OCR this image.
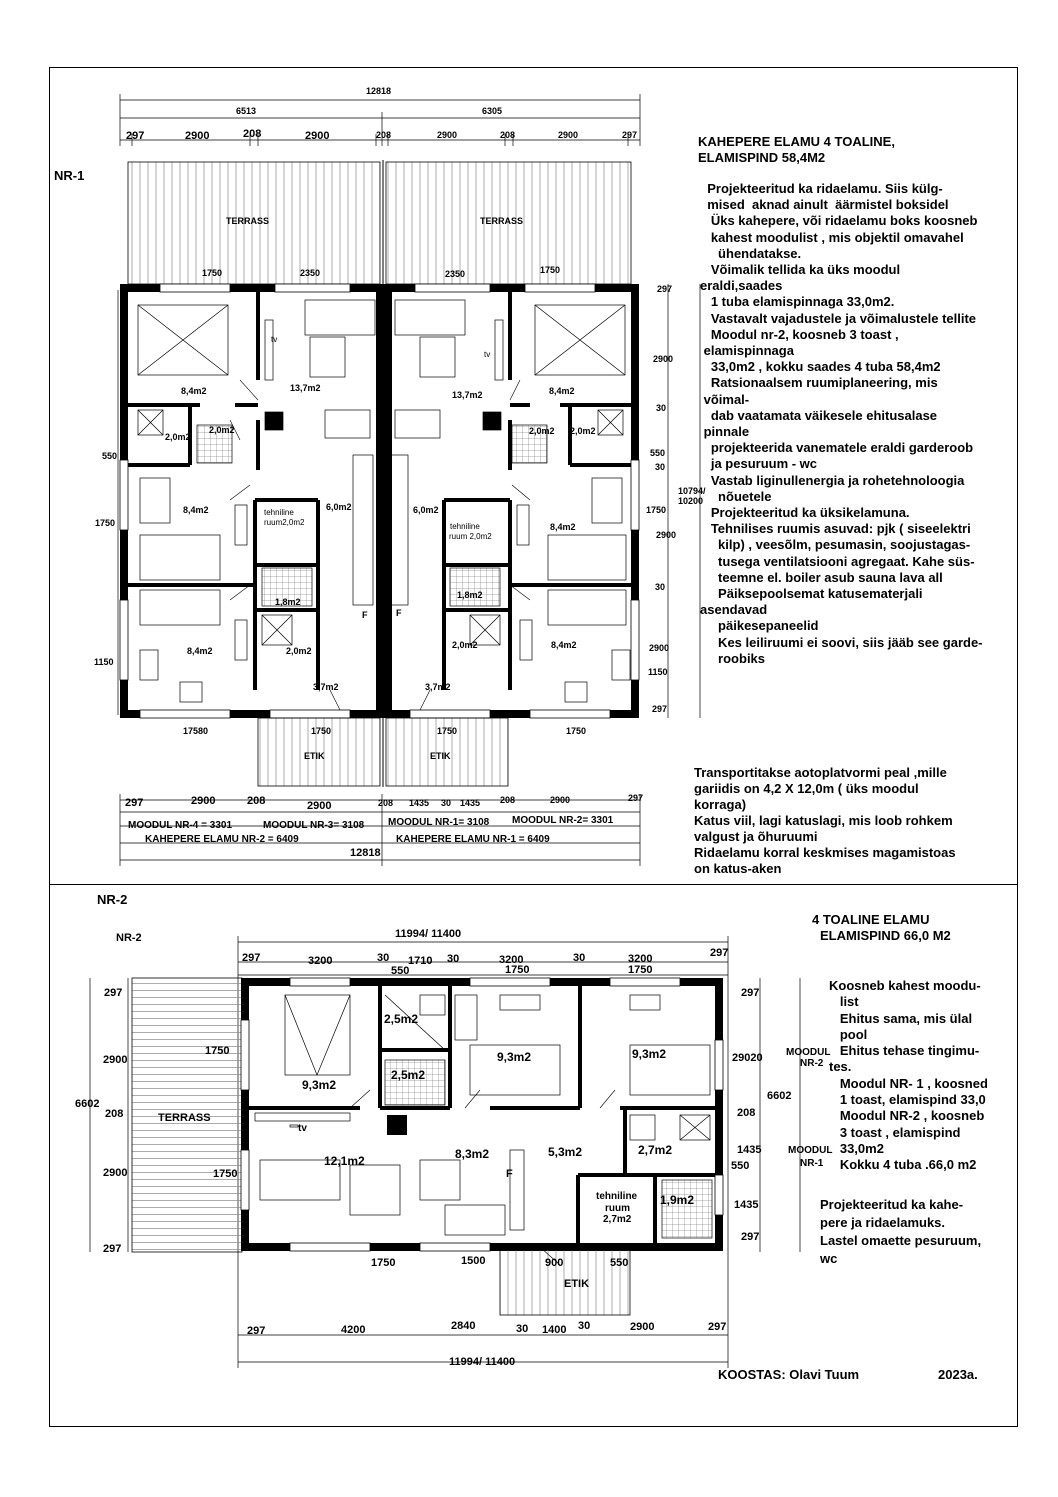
NR-1
12818
6513	6305
297	2900	208	2900	208	2900	208	2900	297
TERRASS	TERRASS
1750	2350	2350	1750
8,4m2	13,7m2
13,7m2	8,4m2
2,0m2
2,0m2	2,0m2 2,0m2
8,4m2	6,0m2	6,0m2
8,4m2
tehniline
ruum2,0m2	tehniline
ruum 2,0m2
1,8m2
1,8m2
8,4m2	2,0m2
2,0m2	8,4m2
3,7m2	3,7m2
tv
tv
F	F
ETIK	ETIK
297
2900
30
550
30
10794/
10200
1750
2900
30
2900
1150
297
550
1750
1150
17580	1750	1750	1750
297	2900	208	2900	208 1435 30 1435 208	2900	297
MOODUL NR-4 = 3301	MOODUL NR-3= 3108 MOODUL NR-1= 3108 MOODUL NR-2= 3301
KAHEPERE ELAMU NR-2 = 6409	KAHEPERE ELAMU NR-1 = 6409
12818
KAHEPERE ELAMU 4 TOALINE,
ELAMISPIND 58,4M2
Projekteeritud ka ridaelamu. Siis külg-
mised  aknad ainult  äärmistel boksidel
Üks kahepere, või ridaelamu boks koosneb
kahest moodulist , mis objektil omavahel
ühendatakse.
Võimalik tellida ka üks moodul
eraldi,saades
1 tuba elamispinnaga 33,0m2.
Vastavalt vajadustele ja võimalustele tellite
Moodul nr-2, koosneb 3 toast ,
elamispinnaga
33,0m2 , kokku saades 4 tuba 58,4m2
Ratsionaalsem ruumiplaneering, mis
võimal-
dab vaatamata väikesele ehitusalase
pinnale
projekteerida vanematele eraldi garderoob
ja pesuruum - wc
Vastab liginullenergia ja rohetehnoloogia
nõuetele
Projekteeritud ka üksikelamuna.
Tehnilises ruumis asuvad: pjk ( siseelektri
kilp) , veesõlm, pesumasin, soojustagas-
tusega ventilatsiooni agregaat. Kahe süs-
teemne el. boiler asub sauna lava all
Päiksepoolsemat katusematerjali
asendavad
päikesepaneelid
Kes leiliruumi ei soovi, siis jääb see garde-
roobiks
Transportitakse aotoplatvormi peal ,mille
gariidis on 4,2 X 12,0m ( üks moodul
korraga)
Katus viil, lagi katuslagi, mis loob rohkem
valgust ja õhuruumi
Ridaelamu korral keskmises magamistoas
on katus-aken
NR-2
NR-2
4 TOALINE ELAMU
ELAMISPIND 66,0 M2
11994/ 11400
297	3200	30 1710 30	3200	30	3200	297
550	1750	1750
297
2900
6602
208
2900
297
1750
1750
TERRASS
297
29020 MOODUL
NR-2
6602
208
1435	MOODUL
NR-1
550
1435
297
2,5m2
2,5m2
9,3m2
9,3m2	9,3m2
tv
12,1m2	8,3m2	5,3m2	2,7m2
F
tehniline
ruum
2,7m2
1,9m2
1750	1500	900	550
ETIK
297	4200	2840	30 1400 30	2900	297
11994/ 11400
Koosneb kahest moodu-
list
Ehitus sama, mis ülal
pool
Ehitus tehase tingimu-
tes.
Moodul NR- 1 , koosned
1 toast, elamispind 33,0
Moodul NR-2 , koosneb
3 toast , elamispind
33,0m2
Kokku 4 tuba .66,0 m2
Projekteeritud ka kahe-
pere ja ridaelamuks.
Lastel omaette pesuruum,
wc
KOOSTAS: Olavi Tuum	2023a.
